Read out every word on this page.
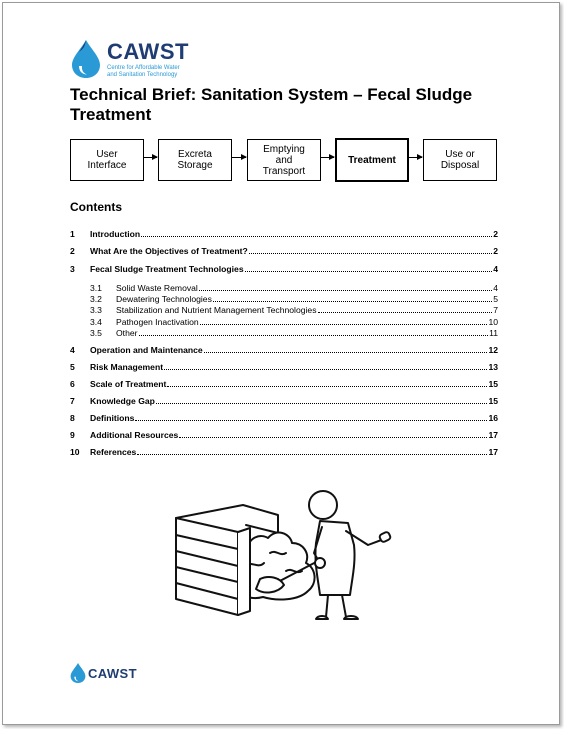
CAWST
Centre for Affordable Water
and Sanitation Technology
Technical Brief: Sanitation System – Fecal Sludge Treatment
User
Interface
Excreta
Storage
Emptying
and
Transport
Treatment	Use or
Disposal
Contents
1	Introduction	2
2	What Are the Objectives of Treatment?	2
3	Fecal Sludge Treatment Technologies	4
3.1	Solid Waste Removal	4
3.2	Dewatering Technologies	5
3.3	Stabilization and Nutrient Management Technologies	7
3.4	Pathogen Inactivation	10
3.5	Other	11
4	Operation and Maintenance	12
5	Risk Management	13
6	Scale of Treatment	15
7	Knowledge Gap	15
8	Definitions	16
9	Additional Resources	17
10	References	17
CAWST
